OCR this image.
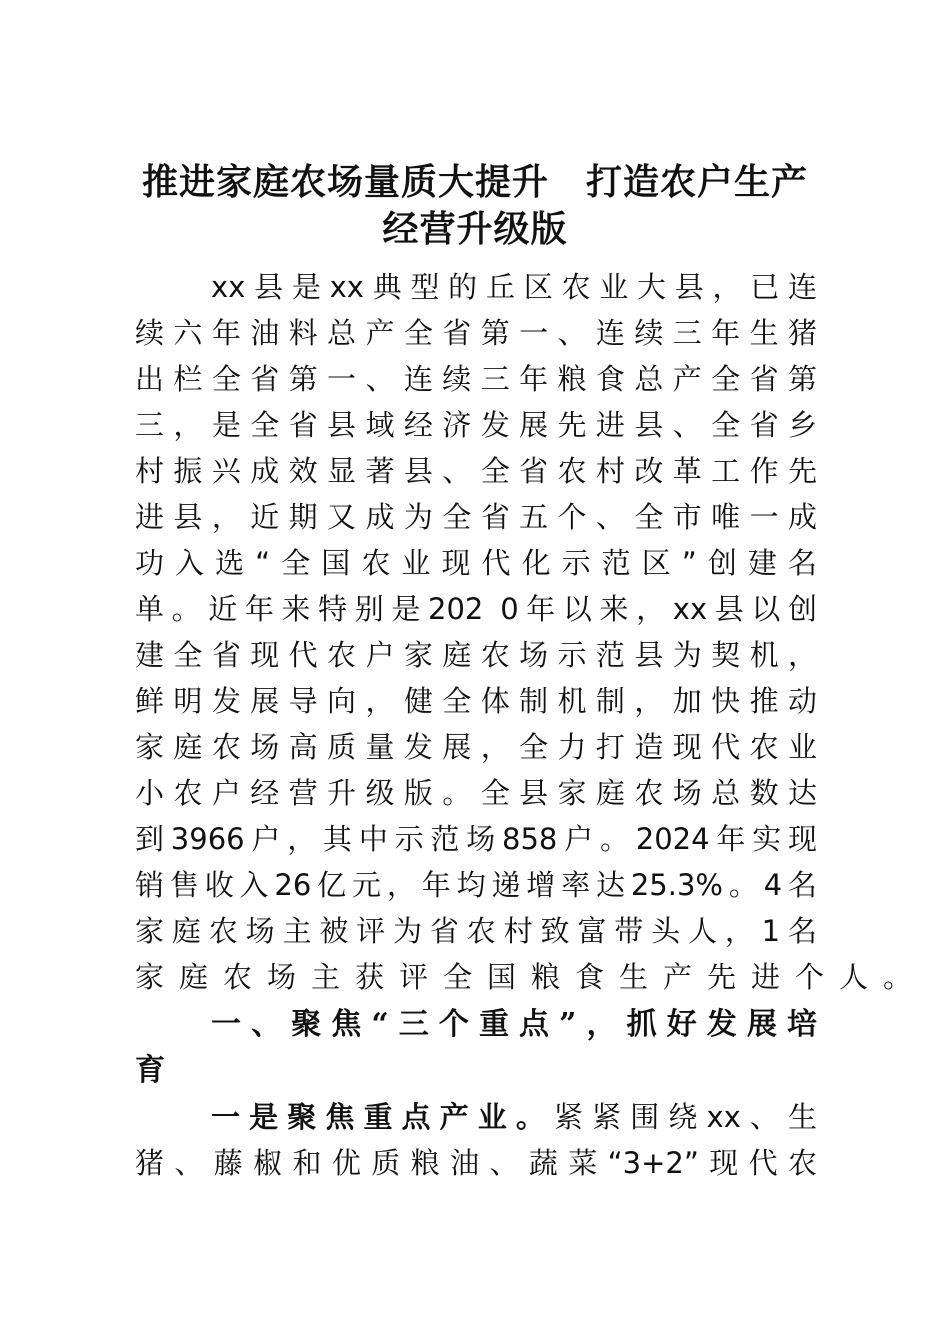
推进家庭农场量质大提升　打造农户生产
经营升级版
xx县是xx典型的丘区农业大县，已连
续六年油料总产全省第一、连续三年生猪
出栏全省第一、连续三年粮食总产全省第
三，是全省县域经济发展先进县、全省乡
村振兴成效显著县、全省农村改革工作先
进县，近期又成为全省五个、全市唯一成
功入选“全国农业现代化示范区”创建名
单。近年来特别是202 0年以来，xx县以创
建全省现代农户家庭农场示范县为契机，
鲜明发展导向，健全体制机制，加快推动
家庭农场高质量发展，全力打造现代农业
小农户经营升级版。全县家庭农场总数达
到3966户，其中示范场858户。2024年实现
销售收入26亿元，年均递增率达25.3%。4名
家庭农场主被评为省农村致富带头人，1名
家庭农场主获评全国粮食生产先进个人。
一、聚焦“三个重点”，抓好发展培
育
一是聚焦重点产业。紧紧围绕xx、生
猪、藤椒和优质粮油、蔬菜“3+2”现代农
